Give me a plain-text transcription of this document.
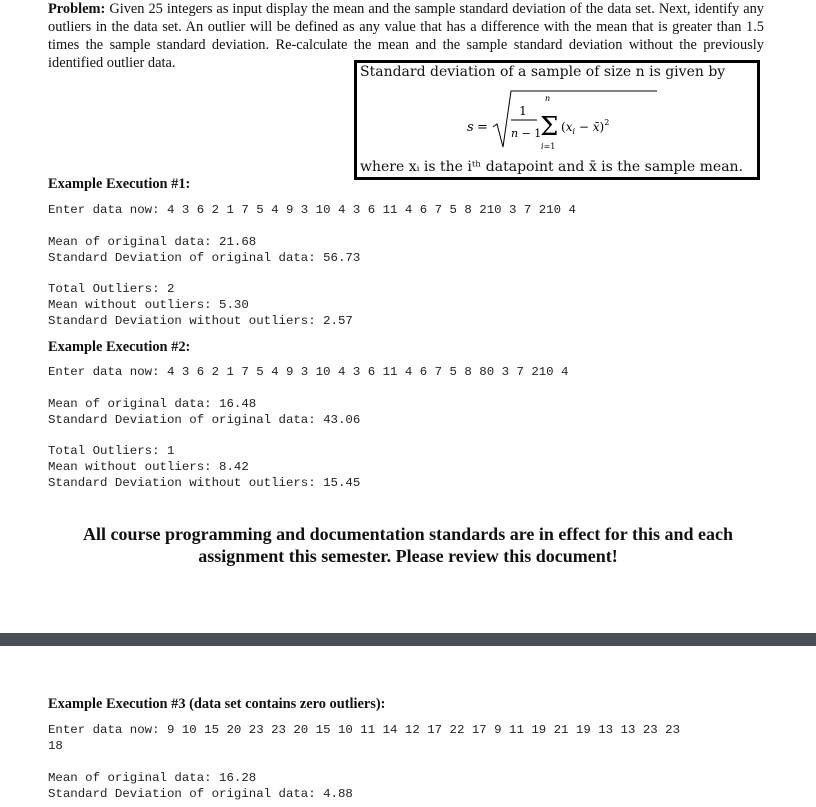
Problem: Given 25 integers as input display the mean and the sample standard deviation of the data set. Next, identify any outliers in the data set. An outlier will be defined as any value that has a difference with the mean that is greater than 1.5 times the sample standard deviation. Re-calculate the mean and the sample standard deviation without the previously identified outlier data.
Standard deviation of a sample of size n is given by
s =
1
n − 1
n
Σ
i=1
($x_i$ − x̄)$^2$
where xᵢ is the iᵗʰ datapoint and x̄ is the sample mean.
Example Execution #1:
Enter data now: 4 3 6 2 1 7 5 4 9 3 10 4 3 6 11 4 6 7 5 8 210 3 7 210 4
Mean of original data: 21.68
Standard Deviation of original data: 56.73
Total Outliers: 2
Mean without outliers: 5.30
Standard Deviation without outliers: 2.57
Example Execution #2:
Enter data now: 4 3 6 2 1 7 5 4 9 3 10 4 3 6 11 4 6 7 5 8 80 3 7 210 4
Mean of original data: 16.48
Standard Deviation of original data: 43.06
Total Outliers: 1
Mean without outliers: 8.42
Standard Deviation without outliers: 15.45
All course programming and documentation standards are in effect for this and each
assignment this semester. Please review this document!
Example Execution #3 (data set contains zero outliers):
Enter data now: 9 10 15 20 23 23 20 15 10 11 14 12 17 22 17 9 11 19 21 19 13 13 23 23
18
Mean of original data: 16.28
Standard Deviation of original data: 4.88
